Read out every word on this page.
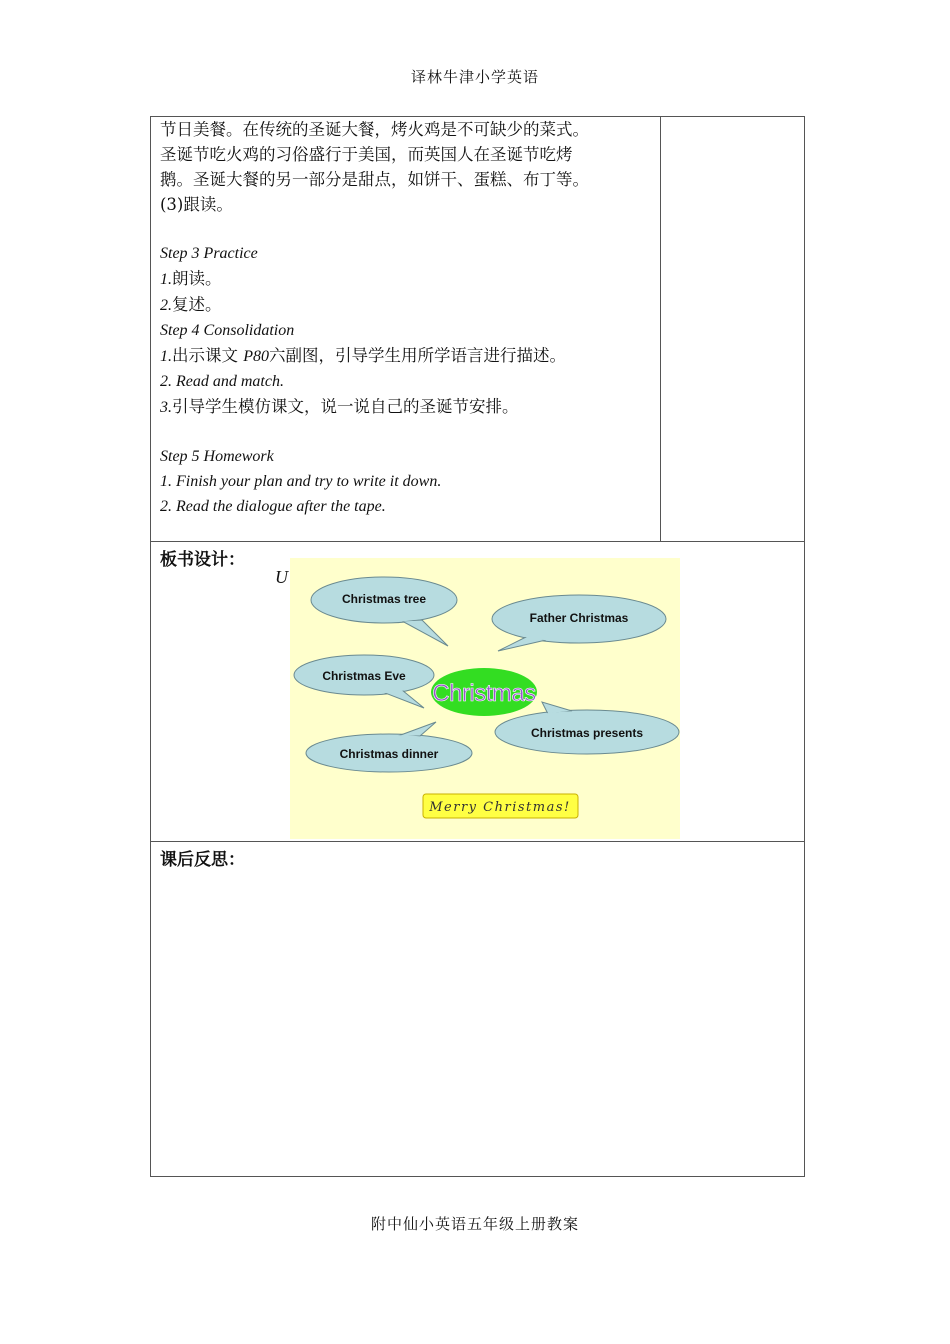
译林牛津小学英语
节日美餐。在传统的圣诞大餐，烤火鸡是不可缺少的菜式。
圣诞节吃火鸡的习俗盛行于美国，而英国人在圣诞节吃烤
鹅。圣诞大餐的另一部分是甜点，如饼干、蛋糕、布丁等。
(3)跟读。
Step 3 Practice
1.朗读。
2.复述。
Step 4 Consolidation
1.出示课文 P80六副图，引导学生用所学语言进行描述。
2. Read and match.
3.引导学生模仿课文，说一说自己的圣诞节安排。
Step 5 Homework
1. Finish your plan and try to write it down.
2. Read the dialogue after the tape.
板书设计：
U
Christmas tree
Father Christmas
Christmas Eve
Christmas
Christmas presents
Christmas dinner
Merry Christmas!
课后反思：
附中仙小英语五年级上册教案
